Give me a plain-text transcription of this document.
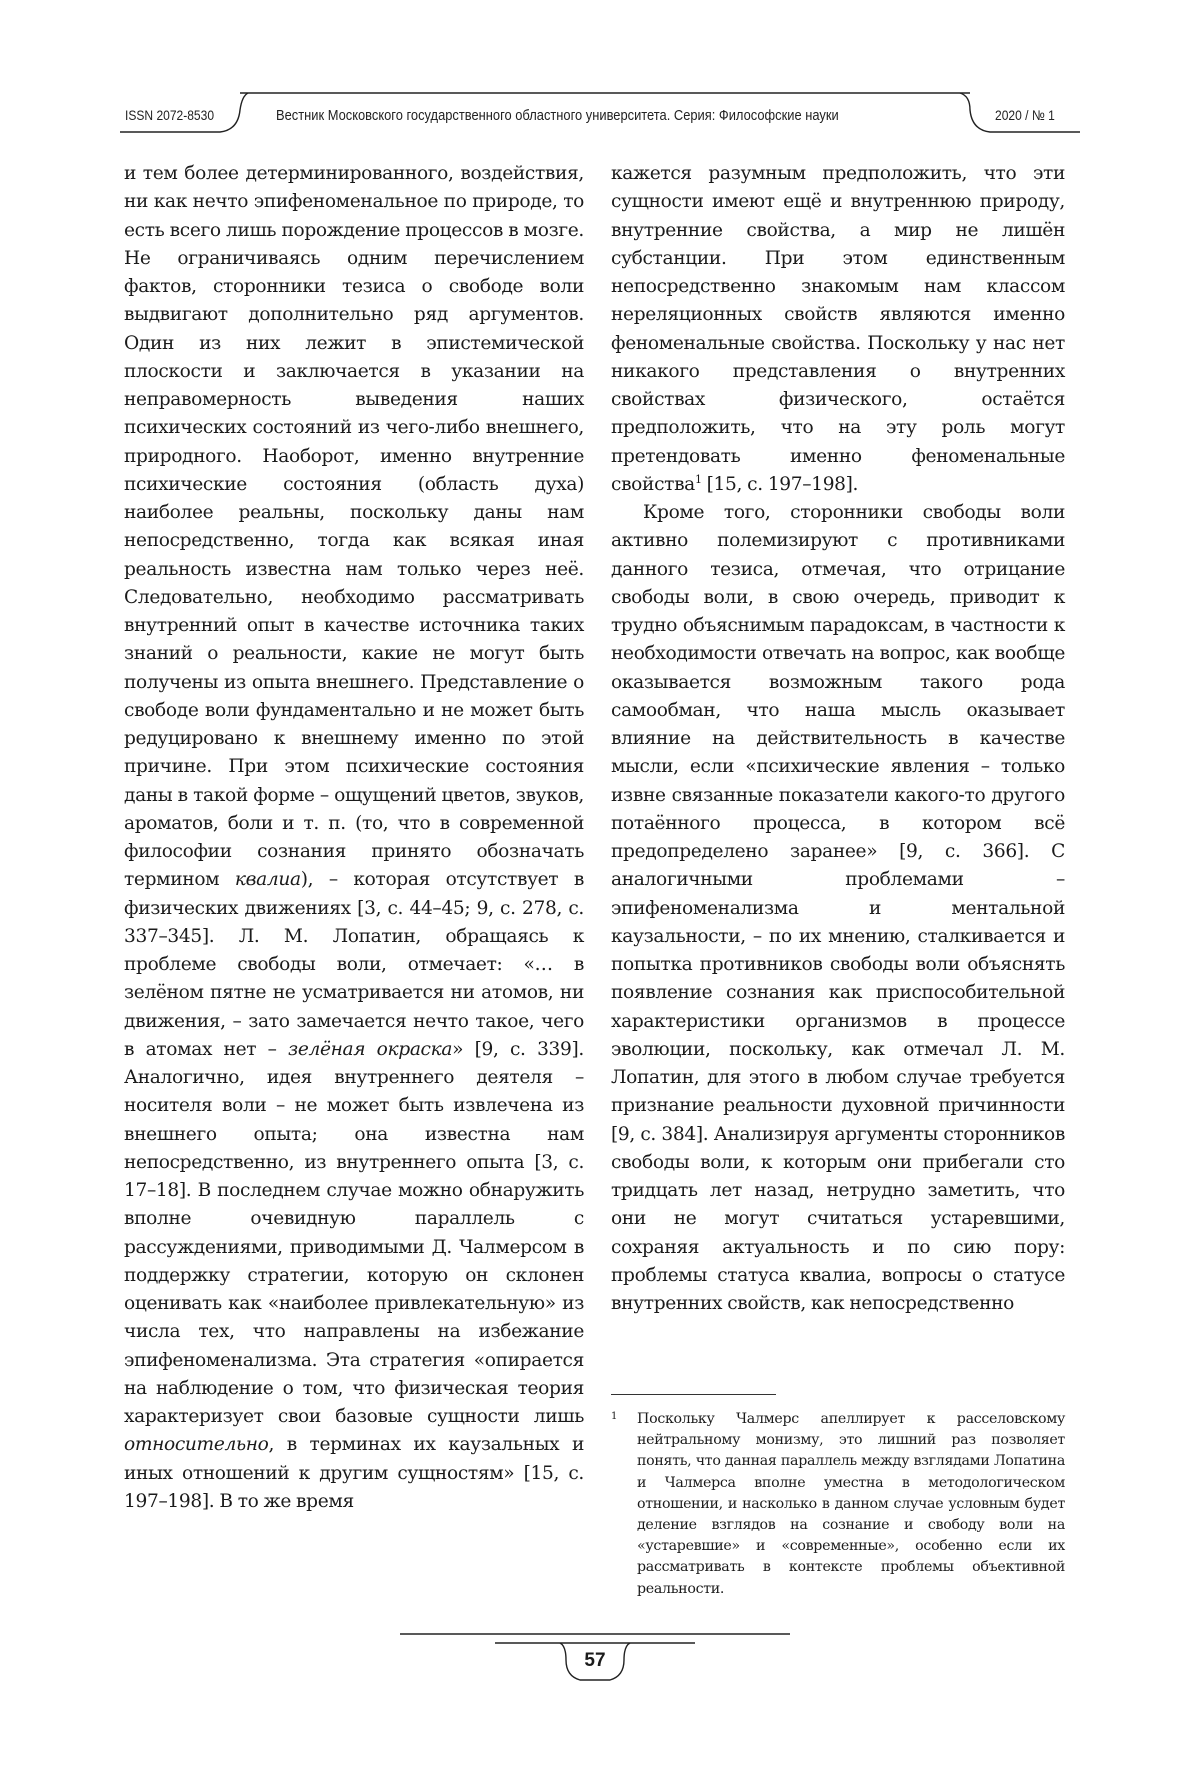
ISSN 2072-8530	Вестник Московского государственного областного университета. Серия: Философские науки	2020 / № 1

и тем более детерминированного, воздействия, ни как нечто эпифеноменальное по природе, то есть всего лишь порождение процессов в мозге. Не ограничиваясь одним перечислением фактов, сторонники тезиса о свободе воли выдвигают дополнительно ряд аргументов. Один из них лежит в эпистемической плоскости и заключается в указании на неправомерность выведения наших психических состояний из чего-либо внешнего, природного. Наоборот, именно внутренние психические состояния (область духа) наиболее реальны, поскольку даны нам непосредственно, тогда как всякая иная реальность известна нам только через неё. Следовательно, необходимо рассматривать внутренний опыт в качестве источника таких знаний о реальности, какие не могут быть получены из опыта внешнего. Представление о свободе воли фундаментально и не может быть редуцировано к внешнему именно по этой причине. При этом психические состояния даны в такой форме – ощущений цветов, звуков, ароматов, боли и т. п. (то, что в современной философии сознания принято обозначать термином квалиа), – которая отсутствует в физических движениях [3, с. 44–45; 9, с. 278, с. 337–345]. Л. М. Лопатин, обращаясь к проблеме свободы воли, отмечает: «… в зелёном пятне не усматривается ни атомов, ни движения, – зато замечается нечто такое, чего в атомах нет – зелёная окраска» [9, с. 339]. Аналогично, идея внутреннего деятеля – носителя воли – не может быть извлечена из внешнего опыта; она известна нам непосредственно, из внутреннего опыта [3, с. 17–18]. В последнем случае можно обнаружить вполне очевидную параллель с рассуждениями, приводимыми Д. Чалмерсом в поддержку стратегии, которую он склонен оценивать как «наиболее привлекательную» из числа тех, что направлены на избежание эпифеноменализма. Эта стратегия «опирается на наблюдение о том, что физическая теория характеризует свои базовые сущности лишь относительно, в терминах их каузальных и иных отношений к другим сущностям» [15, с. 197–198]. В то же время

кажется разумным предположить, что эти сущности имеют ещё и внутреннюю природу, внутренние свойства, а мир не лишён субстанции. При этом единственным непосредственно знакомым нам классом нереляционных свойств являются именно феноменальные свойства. Поскольку у нас нет никакого представления о внутренних свойствах физического, остаётся предположить, что на эту роль могут претендовать именно феноменальные свойства$^1$ [15, с. 197–198].

Кроме того, сторонники свободы воли активно полемизируют с противниками данного тезиса, отмечая, что отрицание свободы воли, в свою очередь, приводит к трудно объяснимым парадоксам, в частности к необходимости отвечать на вопрос, как вообще оказывается возможным такого рода самообман, что наша мысль оказывает влияние на действительность в качестве мысли, если «психические явления – только извне связанные показатели какого-то другого потаённого процесса, в котором всё предопределено заранее» [9, с. 366]. С аналогичными проблемами – эпифеноменализма и ментальной каузальности, – по их мнению, сталкивается и попытка противников свободы воли объяснять появление сознания как приспособительной характеристики организмов в процессе эволюции, поскольку, как отмечал Л. М. Лопатин, для этого в любом случае требуется признание реальности духовной причинности [9, с. 384]. Анализируя аргументы сторонников свободы воли, к которым они прибегали сто тридцать лет назад, нетрудно заметить, что они не могут считаться устаревшими, сохраняя актуальность и по сию пору: проблемы статуса квалиа, вопросы о статусе внутренних свойств, как непосредственно

1	Поскольку Чалмерс апеллирует к расселовскому нейтральному монизму, это лишний раз позволяет понять, что данная параллель между взглядами Лопатина и Чалмерса вполне уместна в методологическом отношении, и насколько в данном случае условным будет деление взглядов на сознание и свободу воли на «устаревшие» и «современные», особенно если их рассматривать в контексте проблемы объективной реальности.
57
